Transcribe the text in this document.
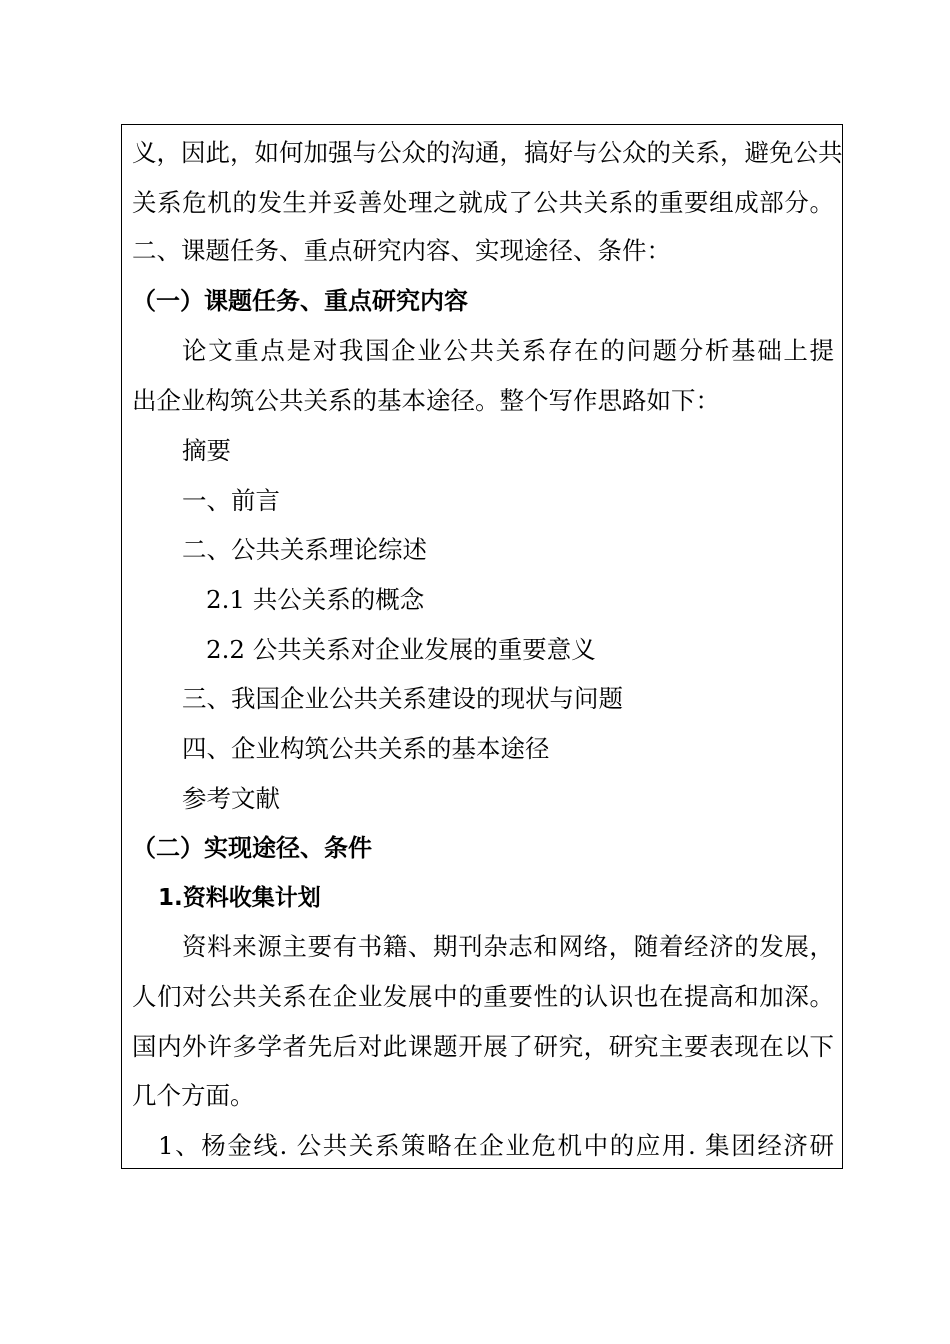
义，因此，如何加强与公众的沟通，搞好与公众的关系，避免公共
关系危机的发生并妥善处理之就成了公共关系的重要组成部分。
二、课题任务、重点研究内容、实现途径、条件：
（一）课题任务、重点研究内容
论文重点是对我国企业公共关系存在的问题分析基础上提
出企业构筑公共关系的基本途径。整个写作思路如下：
摘要
一、前言
二、公共关系理论综述
2.1 共公关系的概念
2.2 公共关系对企业发展的重要意义
三、我国企业公共关系建设的现状与问题
四、企业构筑公共关系的基本途径
参考文献
（二）实现途径、条件
1.资料收集计划
资料来源主要有书籍、期刊杂志和网络，随着经济的发展，
人们对公共关系在企业发展中的重要性的认识也在提高和加深。
国内外许多学者先后对此课题开展了研究，研究主要表现在以下
几个方面。
1、杨金线. 公共关系策略在企业危机中的应用. 集团经济研
